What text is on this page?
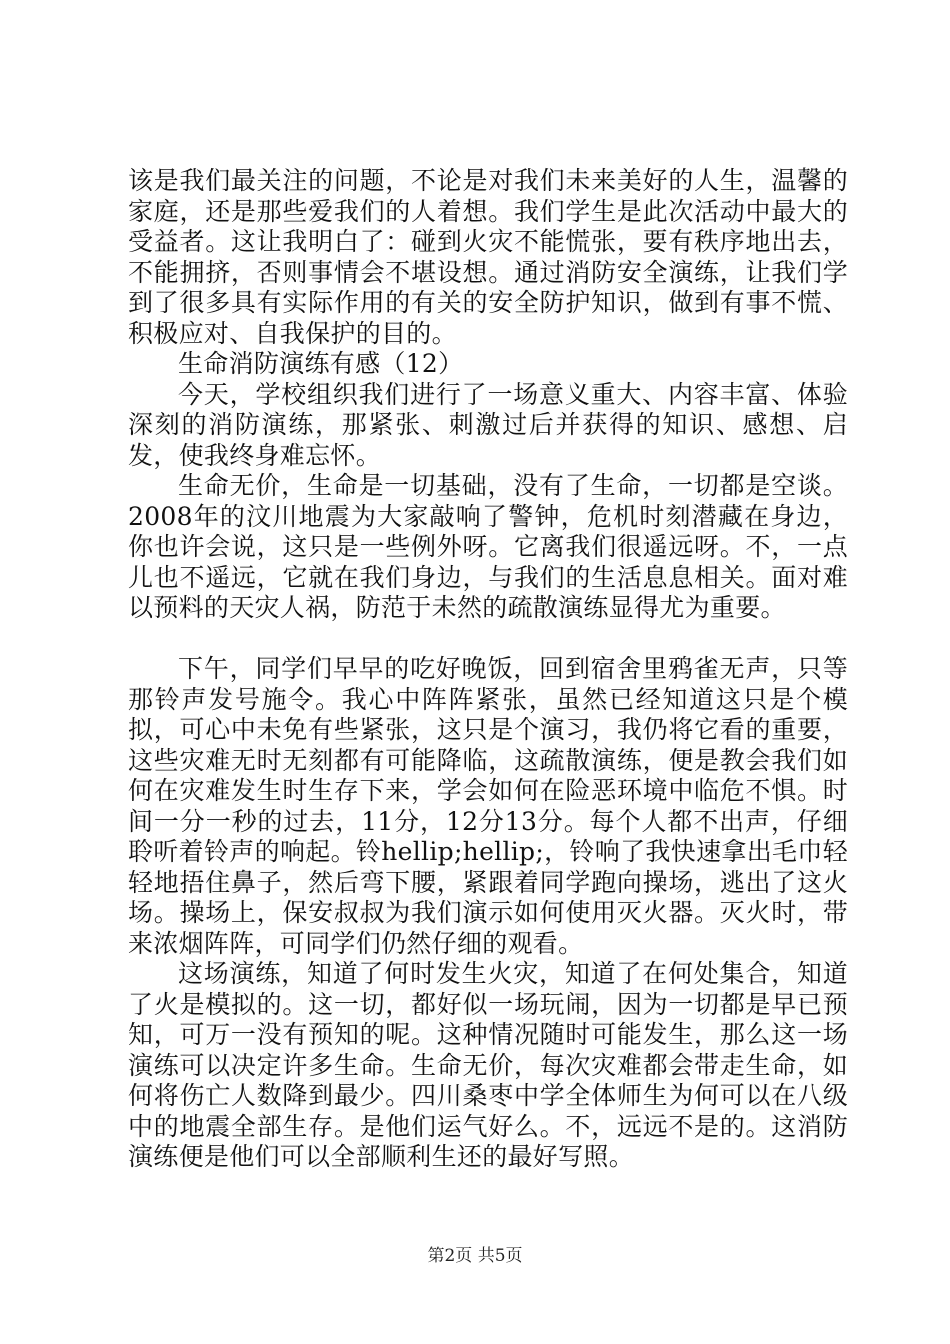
该是我们最关注的问题，不论是对我们未来美好的人生，温馨的家庭，还是那些爱我们的人着想。我们学生是此次活动中最大的受益者。这让我明白了：碰到火灾不能慌张，要有秩序地出去，不能拥挤，否则事情会不堪设想。通过消防安全演练，让我们学到了很多具有实际作用的有关的安全防护知识，做到有事不慌、积极应对、自我保护的目的。

生命消防演练有感（12）

今天，学校组织我们进行了一场意义重大、内容丰富、体验深刻的消防演练，那紧张、刺激过后并获得的知识、感想、启发，使我终身难忘怀。

生命无价，生命是一切基础，没有了生命，一切都是空谈。2008年的汶川地震为大家敲响了警钟，危机时刻潜藏在身边，你也许会说，这只是一些例外呀。它离我们很遥远呀。不，一点儿也不遥远，它就在我们身边，与我们的生活息息相关。面对难以预料的天灾人祸，防范于未然的疏散演练显得尤为重要。

下午，同学们早早的吃好晚饭，回到宿舍里鸦雀无声，只等那铃声发号施令。我心中阵阵紧张，虽然已经知道这只是个模拟，可心中未免有些紧张，这只是个演习，我仍将它看的重要，这些灾难无时无刻都有可能降临，这疏散演练，便是教会我们如何在灾难发生时生存下来，学会如何在险恶环境中临危不惧。时间一分一秒的过去，11分，12分13分。每个人都不出声，仔细聆听着铃声的响起。铃hellip;hellip;，铃响了我快速拿出毛巾轻轻地捂住鼻子，然后弯下腰，紧跟着同学跑向操场，逃出了这火场。操场上，保安叔叔为我们演示如何使用灭火器。灭火时，带来浓烟阵阵，可同学们仍然仔细的观看。

这场演练，知道了何时发生火灾，知道了在何处集合，知道了火是模拟的。这一切，都好似一场玩闹，因为一切都是早已预知，可万一没有预知的呢。这种情况随时可能发生，那么这一场演练可以决定许多生命。生命无价，每次灾难都会带走生命，如何将伤亡人数降到最少。四川桑枣中学全体师生为何可以在八级中的地震全部生存。是他们运气好么。不，远远不是的。这消防演练便是他们可以全部顺利生还的最好写照。

第2页 共5页
